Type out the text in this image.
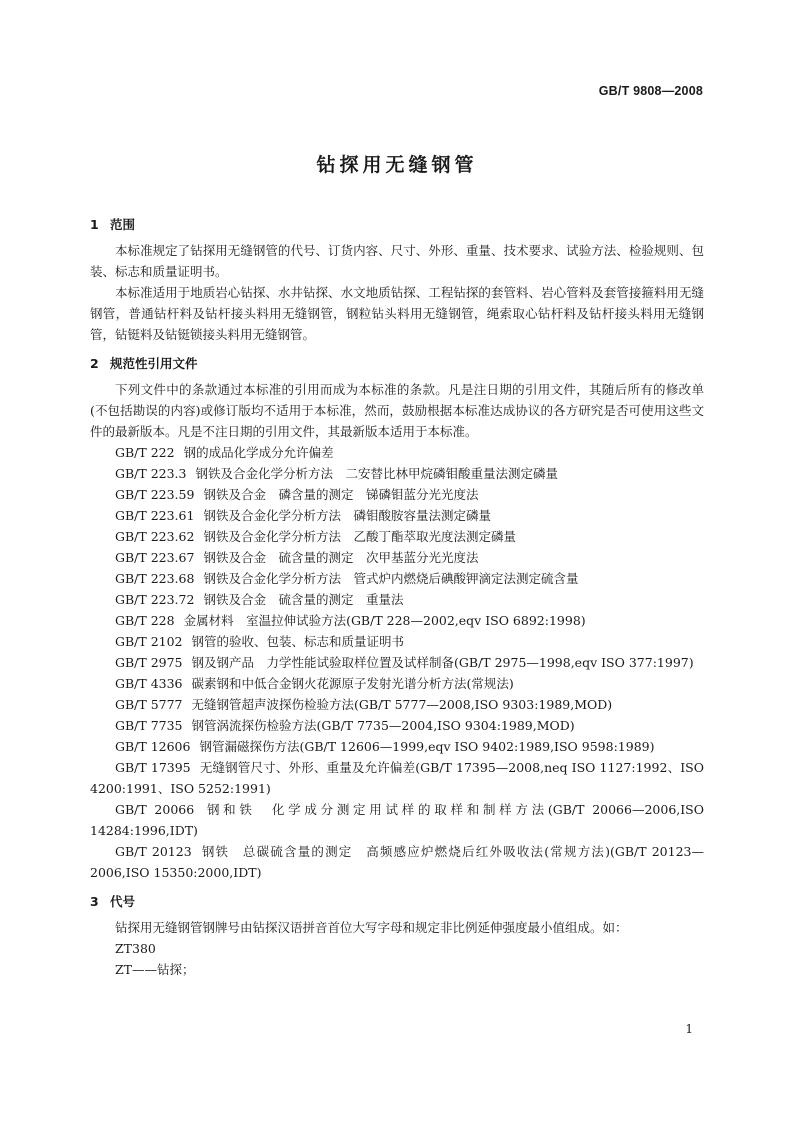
GB/T 9808—2008
钻探用无缝钢管

1 范围

本标准规定了钻探用无缝钢管的代号、订货内容、尺寸、外形、重量、技术要求、试验方法、检验规则、包装、标志和质量证明书。

本标准适用于地质岩心钻探、水井钻探、水文地质钻探、工程钻探的套管料、岩心管料及套管接箍料用无缝钢管，普通钻杆料及钻杆接头料用无缝钢管，钢粒钻头料用无缝钢管，绳索取心钻杆料及钻杆接头料用无缝钢管，钻铤料及钻铤锁接头料用无缝钢管。

2 规范性引用文件

下列文件中的条款通过本标准的引用而成为本标准的条款。凡是注日期的引用文件，其随后所有的修改单(不包括勘误的内容)或修订版均不适用于本标准，然而，鼓励根据本标准达成协议的各方研究是否可使用这些文件的最新版本。凡是不注日期的引用文件，其最新版本适用于本标准。

GB/T 222 钢的成品化学成分允许偏差

GB/T 223.3 钢铁及合金化学分析方法　二安替比林甲烷磷钼酸重量法测定磷量

GB/T 223.59 钢铁及合金　磷含量的测定　锑磷钼蓝分光光度法

GB/T 223.61 钢铁及合金化学分析方法　磷钼酸胺容量法测定磷量

GB/T 223.62 钢铁及合金化学分析方法　乙酸丁酯萃取光度法测定磷量

GB/T 223.67 钢铁及合金　硫含量的测定　次甲基蓝分光光度法

GB/T 223.68 钢铁及合金化学分析方法　管式炉内燃烧后碘酸钾滴定法测定硫含量

GB/T 223.72 钢铁及合金　硫含量的测定　重量法

GB/T 228 金属材料　室温拉伸试验方法(GB/T 228—2002,eqv ISO 6892:1998)

GB/T 2102 钢管的验收、包装、标志和质量证明书

GB/T 2975 钢及钢产品　力学性能试验取样位置及试样制备(GB/T 2975—1998,eqv ISO 377:1997)

GB/T 4336 碳素钢和中低合金钢火花源原子发射光谱分析方法(常规法)

GB/T 5777 无缝钢管超声波探伤检验方法(GB/T 5777—2008,ISO 9303:1989,MOD)

GB/T 7735 钢管涡流探伤检验方法(GB/T 7735—2004,ISO 9304:1989,MOD)

GB/T 12606 钢管漏磁探伤方法(GB/T 12606—1999,eqv ISO 9402:1989,ISO 9598:1989)

GB/T 17395 无缝钢管尺寸、外形、重量及允许偏差(GB/T 17395—2008,neq ISO 1127:1992、ISO 4200:1991、ISO 5252:1991)

GB/T 20066 钢和铁　化学成分测定用试样的取样和制样方法(GB/T 20066—2006,ISO 14284:1996,IDT)

GB/T 20123 钢铁　总碳硫含量的测定　高频感应炉燃烧后红外吸收法(常规方法)(GB/T 20123—2006,ISO 15350:2000,IDT)

3 代号

钻探用无缝钢管钢牌号由钻探汉语拼音首位大写字母和规定非比例延伸强度最小值组成。如：

ZT380

ZT——钻探；

1
